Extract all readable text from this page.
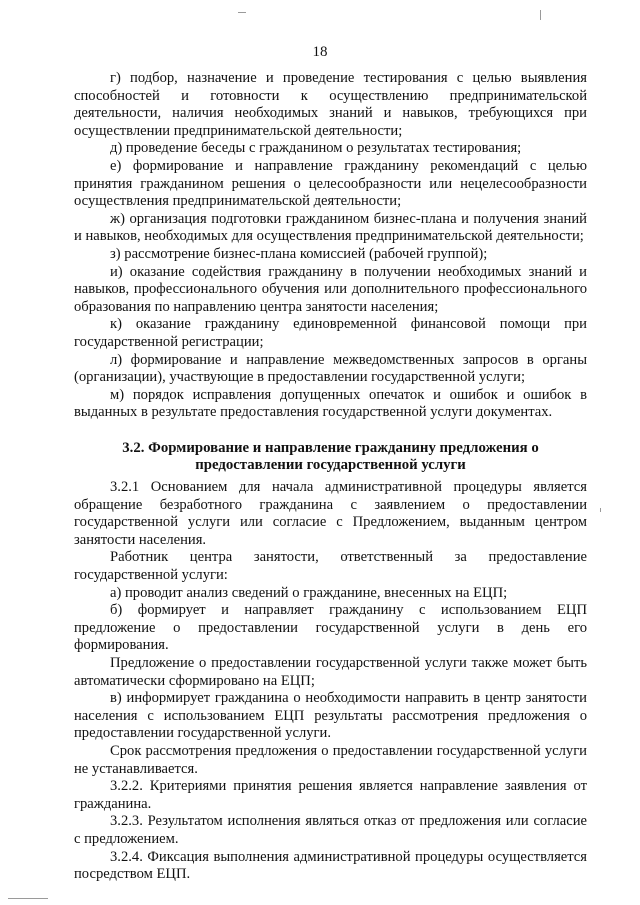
18

г) подбор, назначение и проведение тестирования с целью выявления способностей и готовности к осуществлению предпринимательской деятельности, наличия необходимых знаний и навыков, требующихся при осуществлении предпринимательской деятельности;

д) проведение беседы с гражданином о результатах тестирования;

е) формирование и направление гражданину рекомендаций с целью принятия гражданином решения о целесообразности или нецелесообразности осуществления предпринимательской деятельности;

ж) организация подготовки гражданином бизнес-плана и получения знаний и навыков, необходимых для осуществления предпринимательской деятельности;

з) рассмотрение бизнес-плана комиссией (рабочей группой);

и) оказание содействия гражданину в получении необходимых знаний и навыков, профессионального обучения или дополнительного профессионального образования по направлению центра занятости населения;

к) оказание гражданину единовременной финансовой помощи при государственной регистрации;

л) формирование и направление межведомственных запросов в органы (организации), участвующие в предоставлении государственной услуги;

м) порядок исправления допущенных опечаток и ошибок и ошибок в выданных в результате предоставления государственной услуги документах.

3.2. Формирование и направление гражданину предложения о предоставлении государственной услуги

3.2.1 Основанием для начала административной процедуры является обращение безработного гражданина с заявлением о предоставлении государственной услуги или согласие с Предложением, выданным центром занятости населения.

Работник центра занятости, ответственный за предоставление государственной услуги:

а) проводит анализ сведений о гражданине, внесенных на ЕЦП;

б) формирует и направляет гражданину с использованием ЕЦП предложение о предоставлении государственной услуги в день его формирования.

Предложение о предоставлении государственной услуги также может быть автоматически сформировано на ЕЦП;

в) информирует гражданина о необходимости направить в центр занятости населения с использованием ЕЦП результаты рассмотрения предложения о предоставлении государственной услуги.

Срок рассмотрения предложения о предоставлении государственной услуги не устанавливается.

3.2.2. Критериями принятия решения является направление заявления от гражданина.

3.2.3. Результатом исполнения являться отказ от предложения или согласие с предложением.

3.2.4. Фиксация выполнения административной процедуры осуществляется посредством ЕЦП.
